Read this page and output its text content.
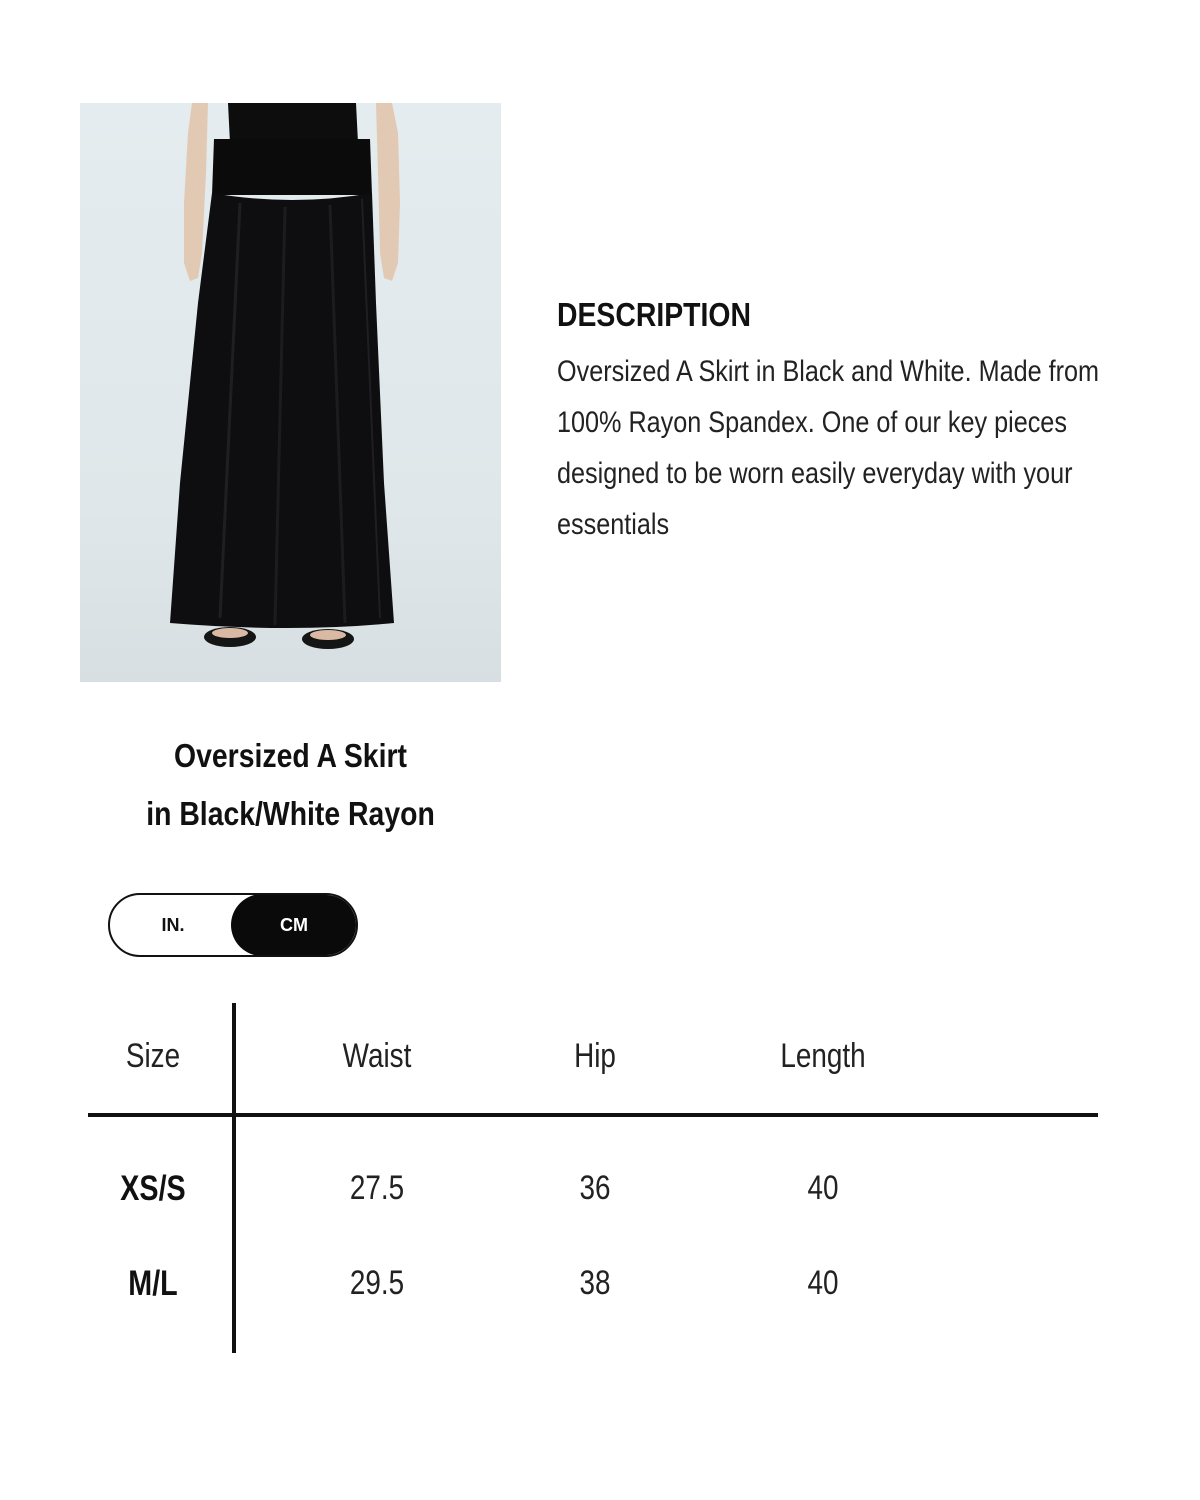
DESCRIPTION

Oversized A Skirt in Black and White. Made from 100% Rayon Spandex. One of our key pieces designed to be worn easily everyday with your essentials

Oversized A Skirt
in Black/White Rayon
IN.	CM
Size	Waist	Hip	Length
XS/S	27.5	36	40
M/L	29.5	38	40
